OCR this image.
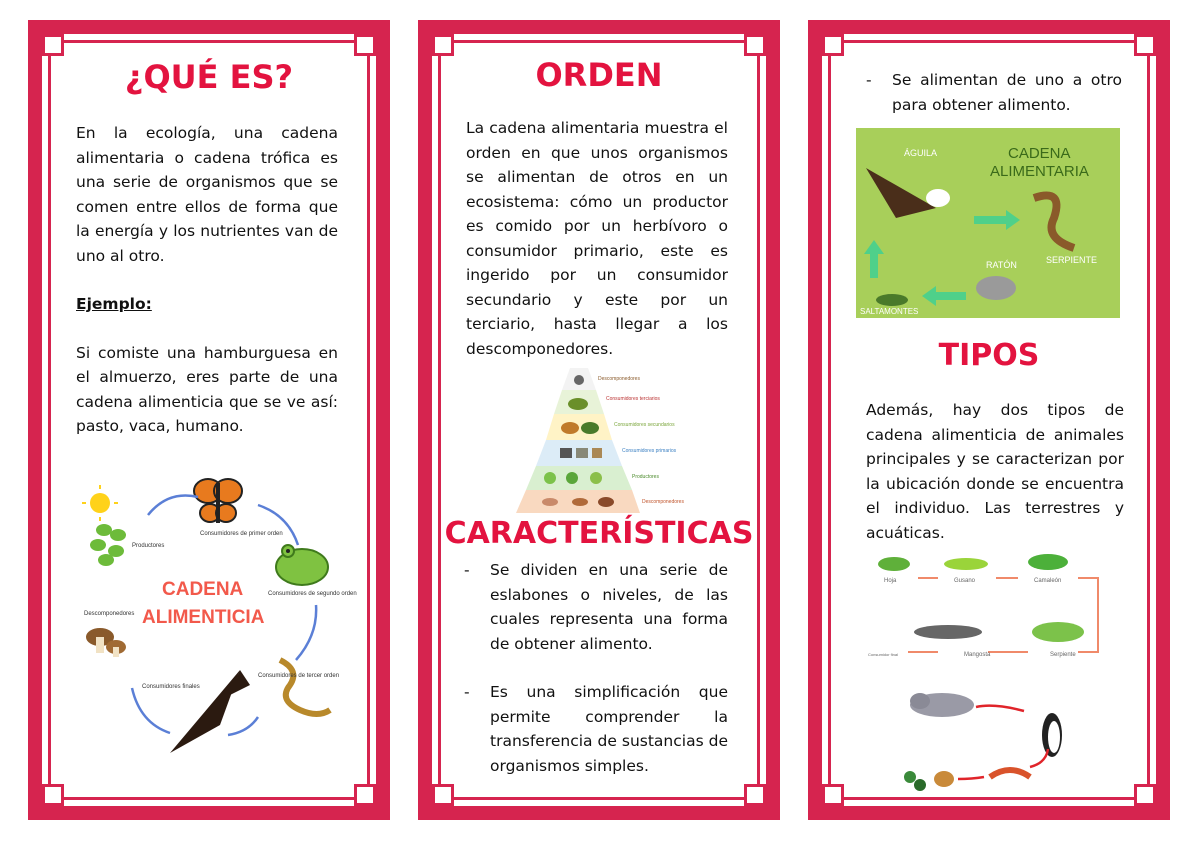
¿QUÉ ES?

En la ecología, una cadena alimentaria o cadena trófica es una serie de organismos que se comen entre ellos de forma que la energía y los nutrientes van de uno al otro.

Ejemplo:

Si comiste una hamburguesa en el almuerzo, eres parte de una cadena alimenticia que se ve así: pasto, vaca, humano.

Productores
Consumidores de primer orden
Consumidores de segundo orden
CADENA
ALIMENTICIA
Descomponedores
Consumidores de tercer orden
Consumidores finales
ORDEN
La cadena alimentaria muestra el orden en que unos organismos se alimentan de otros en un ecosistema: cómo un productor es comido por un herbívoro o consumidor primario, este es ingerido por un consumidor secundario y este por un terciario, hasta llegar a los descomponedores.
Descomponedores
Consumidores terciarios
Consumidores secundarios
Consumidores primarios
Productores
Descomponedores
CARACTERÍSTICAS
-	Se dividen en una serie de eslabones o niveles, de las cuales representa una forma de obtener alimento.
-	Es una simplificación que permite comprender la transferencia de sustancias de organismos simples.
-	Se alimentan de uno a otro para obtener alimento.
CADENA
ALIMENTARIA
ÁGUILA
SERPIENTE
RATÓN
SALTAMONTES
TIPOS
Además, hay dos tipos de cadena alimenticia de animales principales y se caracterizan por la ubicación donde se encuentra el individuo. Las terrestres y acuáticas.
Hoja	Gusano	Camaleón
Mangosta	Serpiente
Consumidor final
